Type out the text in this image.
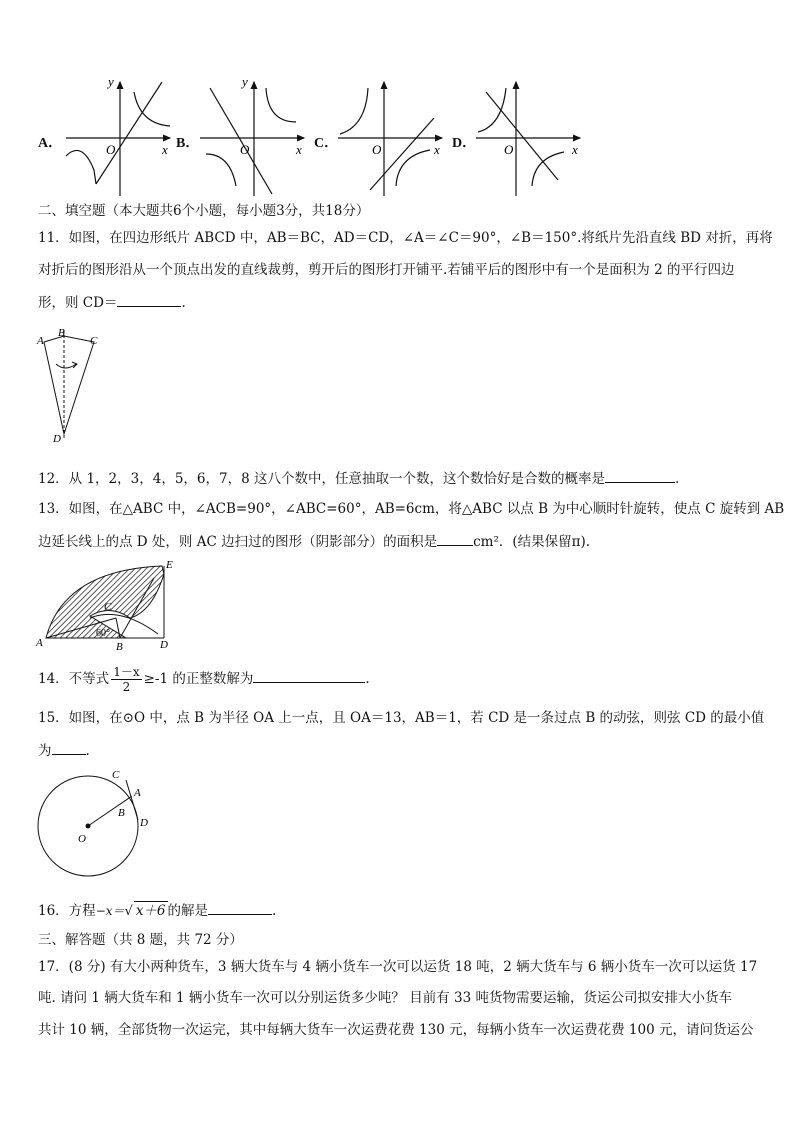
A．
y
x
O	B．
y
x
O	C．	O	x D． O	x
二、填空题（本大题共6个小题，每小题3分，共18分）
11．如图，在四边形纸片 ABCD 中，AB＝BC，AD＝CD，∠A＝∠C＝90°，∠B＝150°.将纸片先沿直线 BD 对折，再将
对折后的图形沿从一个顶点出发的直线裁剪，剪开后的图形打开铺平.若铺平后的图形中有一个是面积为 2 的平行四边
形，则 CD＝	.
A
B
C
D
12．从 1，2，3，4，5，6，7，8 这八个数中，任意抽取一个数，这个数恰好是合数的概率是	.
13．如图，在△ABC 中，∠ACB=90°，∠ABC=60°，AB=6cm，将△ABC 以点 B 为中心顺时针旋转，使点 C 旋转到 AB
边延长线上的点 D 处，则 AC 边扫过的图形（阴影部分）的面积是	cm²．(结果保留π).
A	B
C
D
E
60°
14．不等式 $\frac{1-x}{2} \ge-1$ 的正整数解为	.
15．如图，在⊙O 中，点 B 为半径 OA 上一点，且 OA＝13，AB＝1，若 CD 是一条过点 B 的动弦，则弦 CD 的最小值
为	.
O
A
B
C
D
16．方程−x＝√ x＋6 的解是	.
三、解答题（共 8 题，共 72 分）
17．(8 分) 有大小两种货车，3 辆大货车与 4 辆小货车一次可以运货 18 吨，2 辆大货车与 6 辆小货车一次可以运货 17
吨. 请问 1 辆大货车和 1 辆小货车一次可以分别运货多少吨？ 目前有 33 吨货物需要运输，货运公司拟安排大小货车
共计 10 辆，全部货物一次运完，其中每辆大货车一次运费花费 130 元，每辆小货车一次运费花费 100 元，请问货运公
